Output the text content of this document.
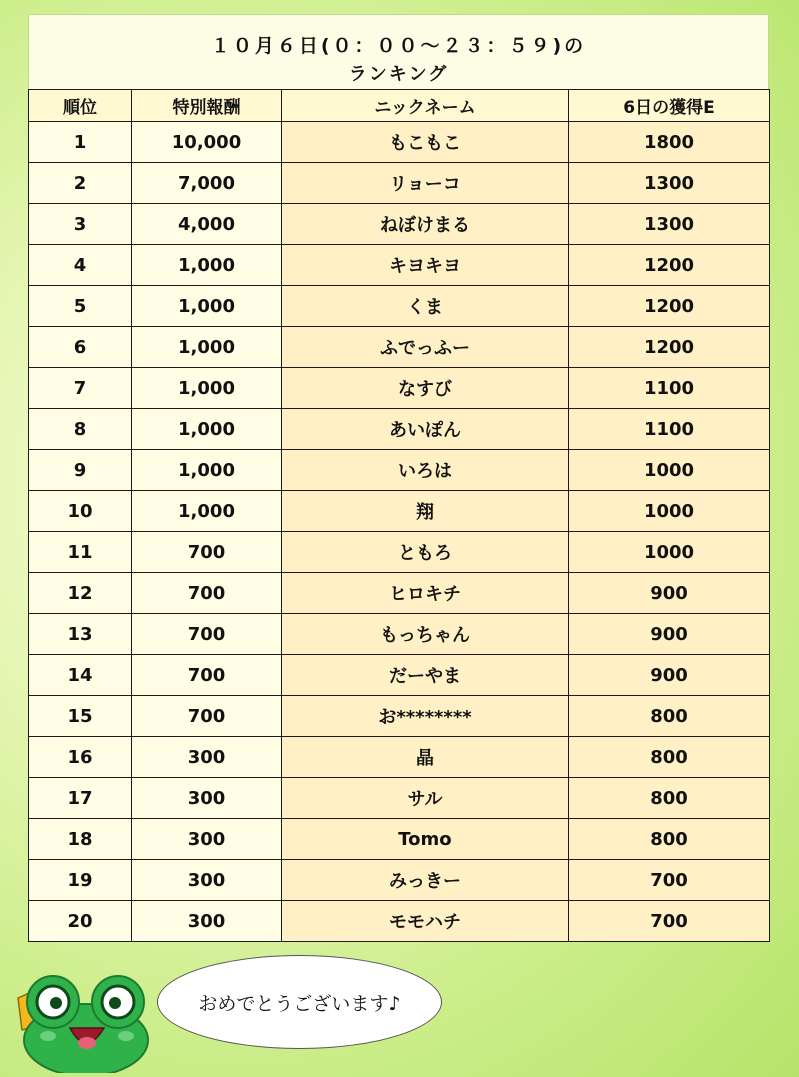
１０月６日(０：００〜２３：５９)の
ランキング
順位	特別報酬	ニックネーム	6日の獲得E
1	10,000	もこもこ	1800
2	7,000	リョーコ	1300
3	4,000	ねぼけまる	1300
4	1,000	キヨキヨ	1200
5	1,000	くま	1200
6	1,000	ふでっふー	1200
7	1,000	なすび	1100
8	1,000	あいぽん	1100
9	1,000	いろは	1000
10	1,000	翔	1000
11	700	ともろ	1000
12	700	ヒロキチ	900
13	700	もっちゃん	900
14	700	だーやま	900
15	700	お********	800
16	300	晶	800
17	300	サル	800
18	300	Tomo	800
19	300	みっきー	700
20	300	モモハチ	700
おめでとうございます♪
